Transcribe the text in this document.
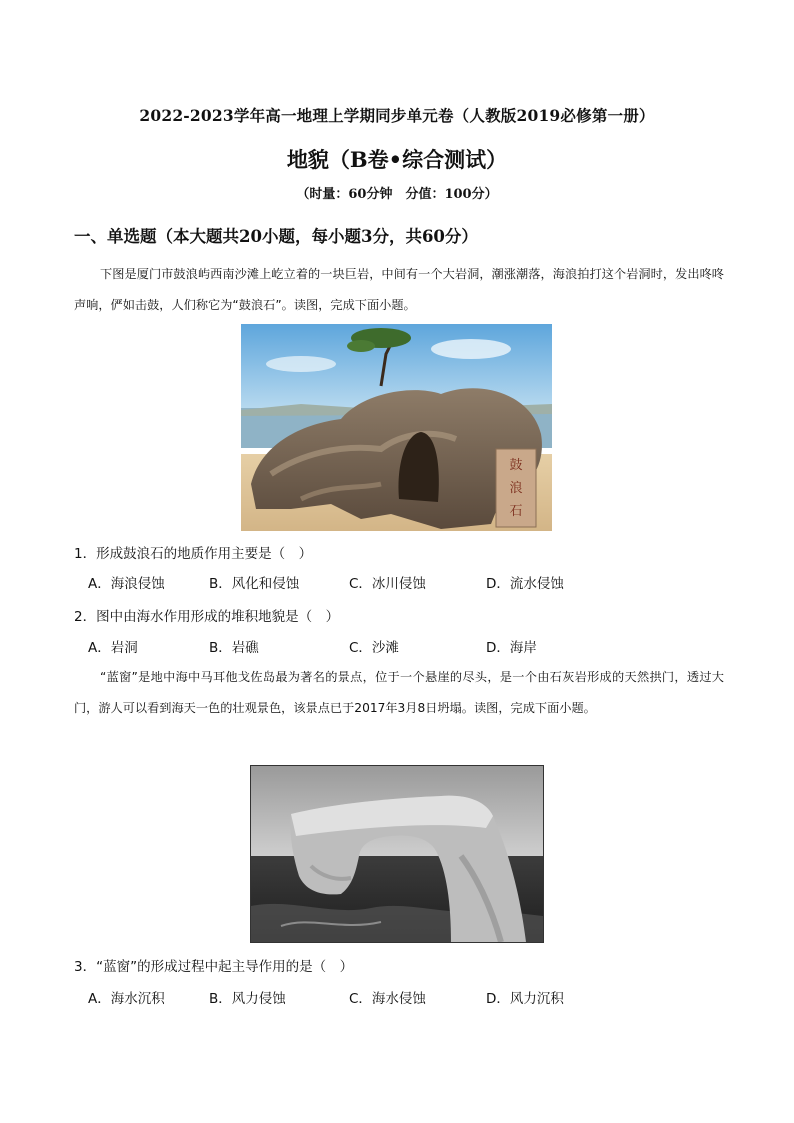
2022-2023学年高一地理上学期同步单元卷（人教版2019必修第一册）
地貌（B卷•综合测试）
（时量：60分钟　分值：100分）
一、单选题（本大题共20小题，每小题3分，共60分）
下图是厦门市鼓浪屿西南沙滩上屹立着的一块巨岩，中间有一个大岩洞，潮涨潮落，海浪拍打这个岩洞时，发出咚咚声响，俨如击鼓，人们称它为“鼓浪石”。读图，完成下面小题。
鼓
浪
石
1．形成鼓浪石的地质作用主要是（　）
A．海浪侵蚀	B．风化和侵蚀	C．冰川侵蚀	D．流水侵蚀
2．图中由海水作用形成的堆积地貌是（　）
A．岩洞	B．岩礁	C．沙滩	D．海岸
“蓝窗”是地中海中马耳他戈佐岛最为著名的景点，位于一个悬崖的尽头，是一个由石灰岩形成的天然拱门，透过大门，游人可以看到海天一色的壮观景色，该景点已于2017年3月8日坍塌。读图，完成下面小题。
3．“蓝窗”的形成过程中起主导作用的是（　）
A．海水沉积	B．风力侵蚀	C．海水侵蚀	D．风力沉积
